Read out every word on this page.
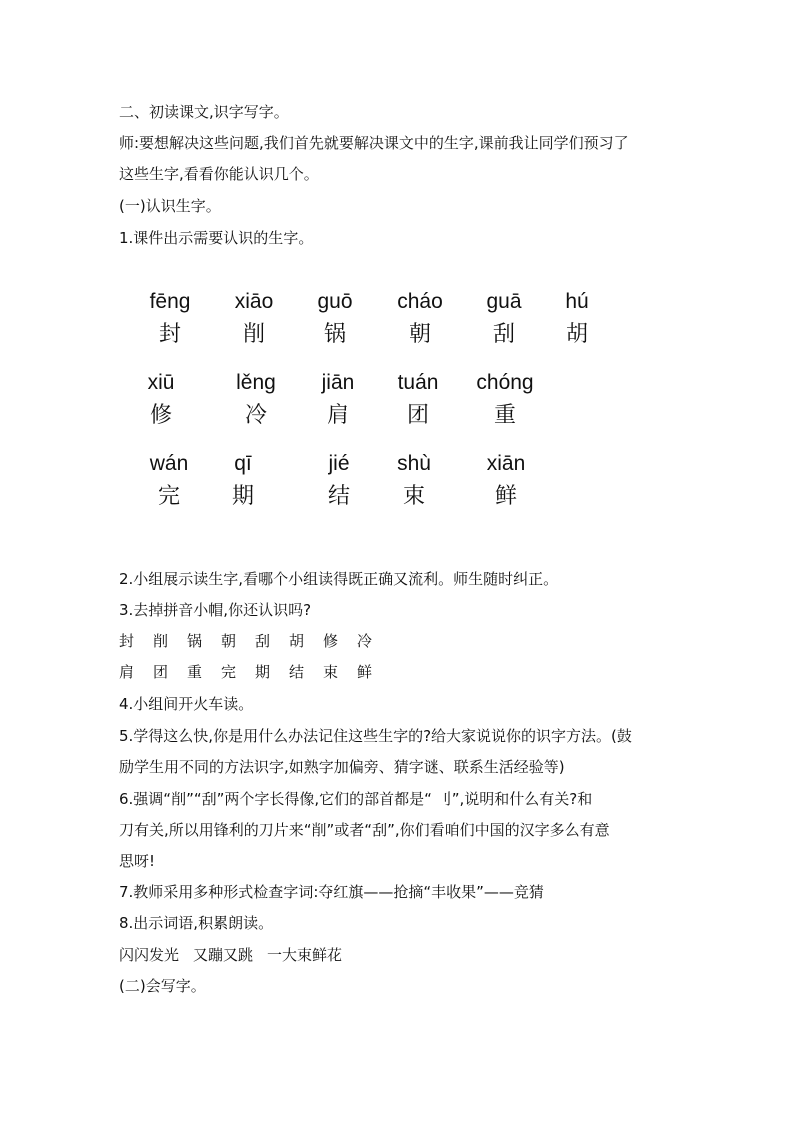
二、初读课文,识字写字。
师:要想解决这些问题,我们首先就要解决课文中的生字,课前我让同学们预习了
这些生字,看看你能认识几个。
(一)认识生字。
1.课件出示需要认识的生字。
fēng
封
xiāo
削
guō
锅
cháo
朝
guā
刮
hú
胡
xiū
修
lěng
冷
jiān
肩
tuán
团
chóng
重
wán
完
qī
期
jié
结
shù
束
xiān
鲜
2.小组展示读生字,看哪个小组读得既正确又流利。师生随时纠正。
3.去掉拼音小帽,你还认识吗?
封 削 锅 朝 刮 胡 修 冷
肩 团 重 完 期 结 束 鲜
4.小组间开火车读。
5.学得这么快,你是用什么办法记住这些生字的?给大家说说你的识字方法。(鼓
励学生用不同的方法识字,如熟字加偏旁、猜字谜、联系生活经验等)
6.强调“削”“刮”两个字长得像,它们的部首都是“ 刂”,说明和什么有关?和
刀有关,所以用锋利的刀片来“削”或者“刮”,你们看咱们中国的汉字多么有意
思呀!
7.教师采用多种形式检查字词:夺红旗——抢摘“丰收果”——竞猜
8.出示词语,积累朗读。
闪闪发光 又蹦又跳 一大束鲜花
(二)会写字。
